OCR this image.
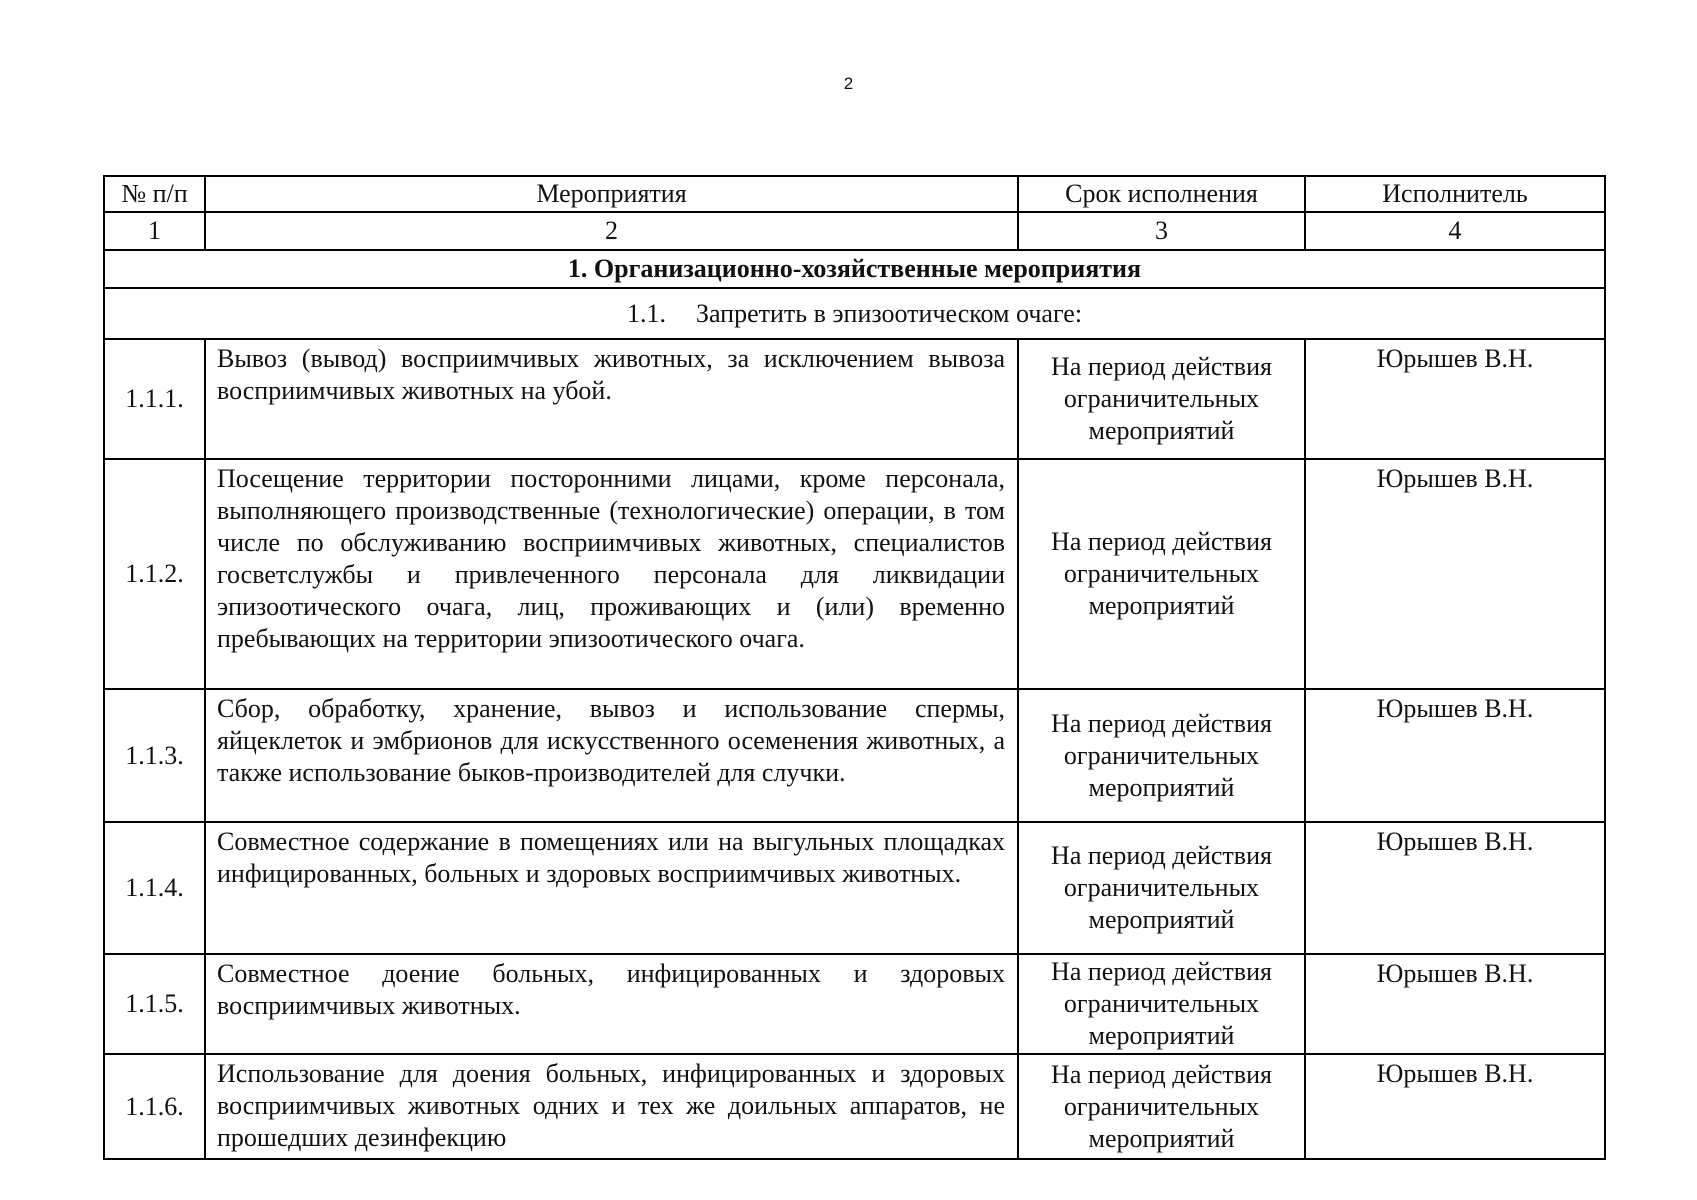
2
№ п/п	Мероприятия	Срок исполнения	Исполнитель
1	2	3	4
1. Организационно-хозяйственные мероприятия			
1.1. Запретить в эпизоотическом очаге:			
1.1.1.	Вывоз (вывод) восприимчивых животных, за исключением вывоза восприимчивых животных на убой.	На период действия ограничительных мероприятий	Юрышев В.Н.
1.1.2.	Посещение территории посторонними лицами, кроме персонала, выполняющего производственные (технологические) операции, в том числе по обслуживанию восприимчивых животных, специалистов госветслужбы и привлеченного персонала для ликвидации эпизоотического очага, лиц, проживающих и (или) временно пребывающих на территории эпизоотического очага.	На период действия ограничительных мероприятий	Юрышев В.Н.
1.1.3.	Сбор, обработку, хранение, вывоз и использование спермы, яйцеклеток и эмбрионов для искусственного осеменения животных, а также использование быков-производителей для случки.	На период действия ограничительных мероприятий	Юрышев В.Н.
1.1.4.	Совместное содержание в помещениях или на выгульных площадках инфицированных, больных и здоровых восприимчивых животных.	На период действия ограничительных мероприятий	Юрышев В.Н.
1.1.5.	Совместное доение больных, инфицированных и здоровых восприимчивых животных.	На период действия ограничительных мероприятий	Юрышев В.Н.
1.1.6.	Использование для доения больных, инфицированных и здоровых восприимчивых животных одних и тех же доильных аппаратов, не прошедших дезинфекцию	На период действия ограничительных мероприятий	Юрышев В.Н.
